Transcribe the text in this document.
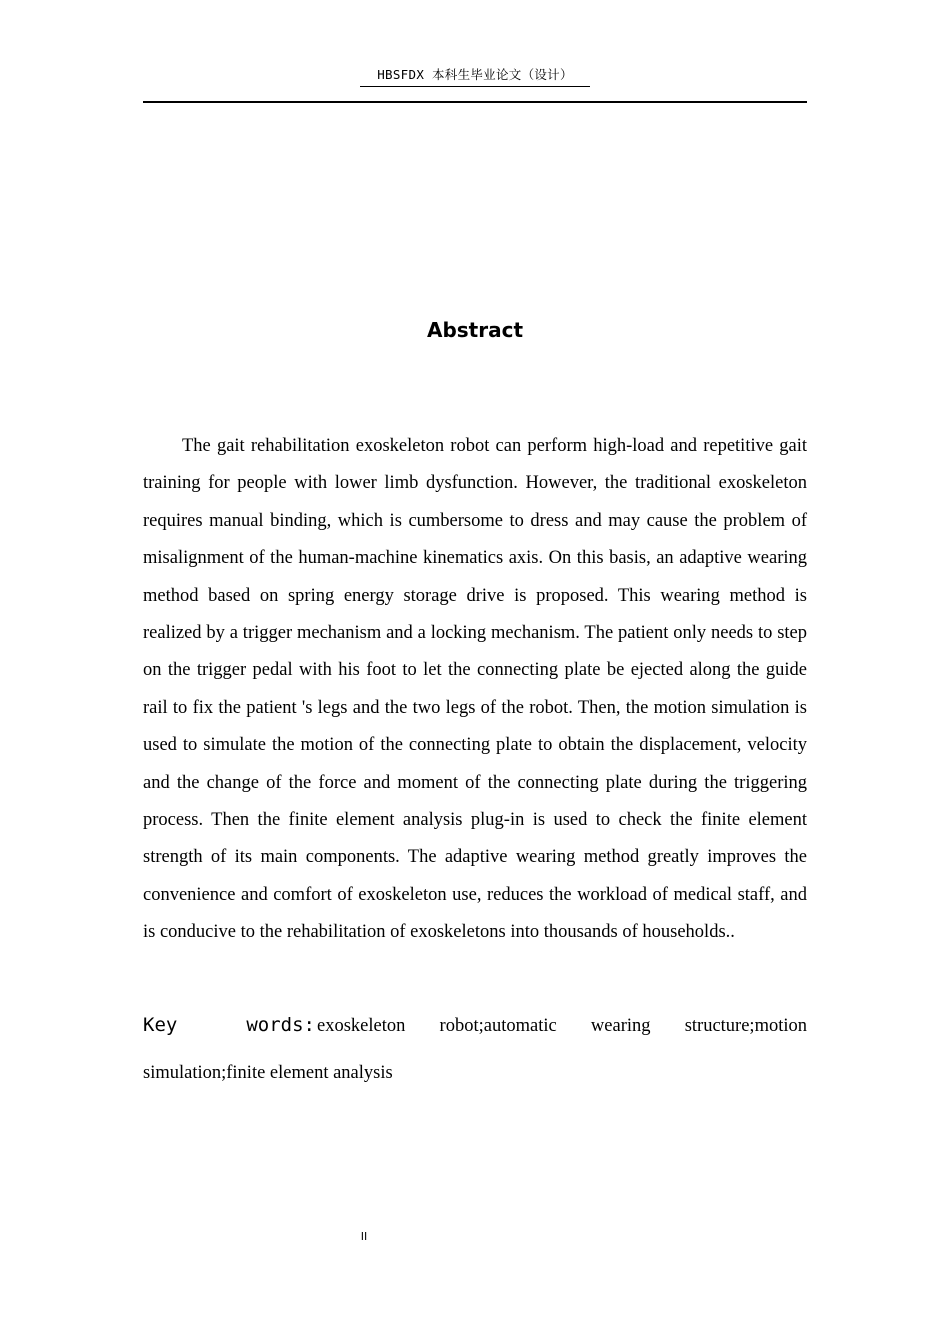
HBSFDX 本科生毕业论文（设计）
Abstract

The gait rehabilitation exoskeleton robot can perform high-load and repetitive gait training for people with lower limb dysfunction. However, the traditional exoskeleton requires manual binding, which is cumbersome to dress and may cause the problem of misalignment of the human-machine kinematics axis. On this basis, an adaptive wearing method based on spring energy storage drive is proposed. This wearing method is realized by a trigger mechanism and a locking mechanism. The patient only needs to step on the trigger pedal with his foot to let the connecting plate be ejected along the guide rail to fix the patient 's legs and the two legs of the robot. Then, the motion simulation is used to simulate the motion of the connecting plate to obtain the displacement, velocity and the change of the force and moment of the connecting plate during the triggering process. Then the finite element analysis plug-in is used to check the finite element strength of its main components. The adaptive wearing method greatly improves the convenience and comfort of exoskeleton use, reduces the workload of medical staff, and is conducive to the rehabilitation of exoskeletons into thousands of households..

Key words: exoskeleton robot;automatic wearing structure;motion simulation;finite element analysis

II
